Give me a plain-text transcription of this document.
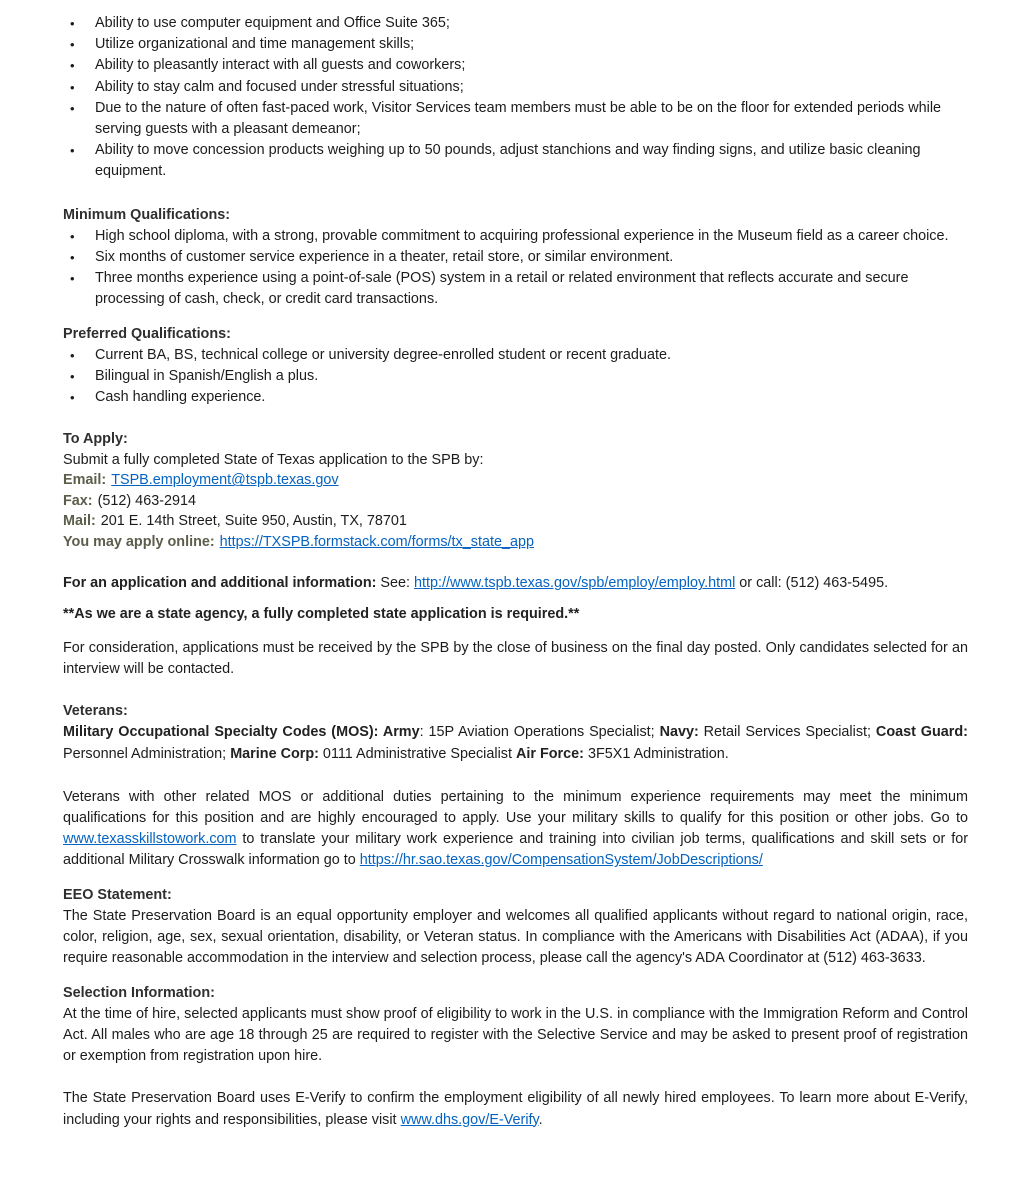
• Ability to use computer equipment and Office Suite 365;
• Utilize organizational and time management skills;
• Ability to pleasantly interact with all guests and coworkers;
• Ability to stay calm and focused under stressful situations;
• Due to the nature of often fast-paced work, Visitor Services team members must be able to be on the floor for extended periods while serving guests with a pleasant demeanor;
• Ability to move concession products weighing up to 50 pounds, adjust stanchions and way finding signs, and utilize basic cleaning equipment.

Minimum Qualifications:

• High school diploma, with a strong, provable commitment to acquiring professional experience in the Museum field as a career choice.
• Six months of customer service experience in a theater, retail store, or similar environment.
• Three months experience using a point-of-sale (POS) system in a retail or related environment that reflects accurate and secure processing of cash, check, or credit card transactions.

Preferred Qualifications:

• Current BA, BS, technical college or university degree-enrolled student or recent graduate.
• Bilingual in Spanish/English a plus.
• Cash handling experience.

To Apply:

Submit a fully completed State of Texas application to the SPB by:

Email: TSPB.employment@tspb.texas.gov

Fax: (512) 463-2914

Mail: 201 E. 14th Street, Suite 950, Austin, TX, 78701

You may apply online: https://TXSPB.formstack.com/forms/tx_state_app

For an application and additional information: See: http://www.tspb.texas.gov/spb/employ/employ.html or call: (512) 463-5495.

**As we are a state agency, a fully completed state application is required.**

For consideration, applications must be received by the SPB by the close of business on the final day posted. Only candidates selected for an interview will be contacted.

Veterans:

Military Occupational Specialty Codes (MOS): Army: 15P Aviation Operations Specialist; Navy: Retail Services Specialist; Coast Guard: Personnel Administration; Marine Corp: 0111 Administrative Specialist Air Force: 3F5X1 Administration.

Veterans with other related MOS or additional duties pertaining to the minimum experience requirements may meet the minimum qualifications for this position and are highly encouraged to apply. Use your military skills to qualify for this position or other jobs. Go to www.texasskillstowork.com to translate your military work experience and training into civilian job terms, qualifications and skill sets or for additional Military Crosswalk information go to https://hr.sao.texas.gov/CompensationSystem/JobDescriptions/

EEO Statement:

The State Preservation Board is an equal opportunity employer and welcomes all qualified applicants without regard to national origin, race, color, religion, age, sex, sexual orientation, disability, or Veteran status. In compliance with the Americans with Disabilities Act (ADAA), if you require reasonable accommodation in the interview and selection process, please call the agency's ADA Coordinator at (512) 463-3633.

Selection Information:

At the time of hire, selected applicants must show proof of eligibility to work in the U.S. in compliance with the Immigration Reform and Control Act. All males who are age 18 through 25 are required to register with the Selective Service and may be asked to present proof of registration or exemption from registration upon hire.

The State Preservation Board uses E-Verify to confirm the employment eligibility of all newly hired employees. To learn more about E-Verify, including your rights and responsibilities, please visit www.dhs.gov/E-Verify.
